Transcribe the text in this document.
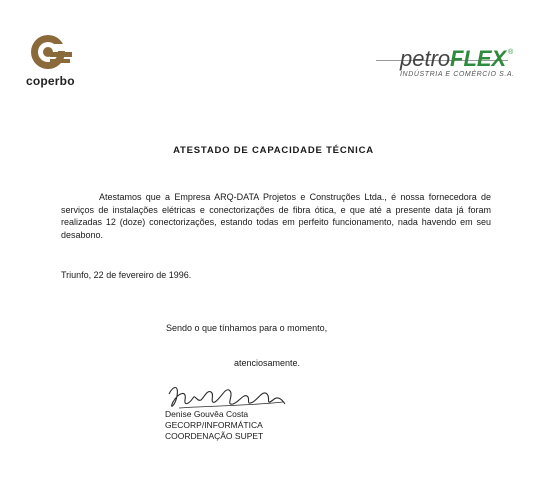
coperbo
petro FLEX ®
INDÚSTRIA E COMÉRCIO S.A.
ATESTADO DE CAPACIDADE TÉCNICA
Atestamos que a Empresa ARQ-DATA Projetos e Construções Ltda., é nossa fornecedora de serviços de instalações elétricas e conectorizações de fibra ótica, e que até a presente data já foram realizadas 12 (doze) conectorizações, estando todas em perfeito funcionamento, nada havendo em seu desabono.
Triunfo, 22 de fevereiro de 1996.
Sendo o que tínhamos para o momento,
atenciosamente.
Denise Gouvêa Costa
GECORP/INFORMÁTICA
COORDENAÇÃO SUPET
